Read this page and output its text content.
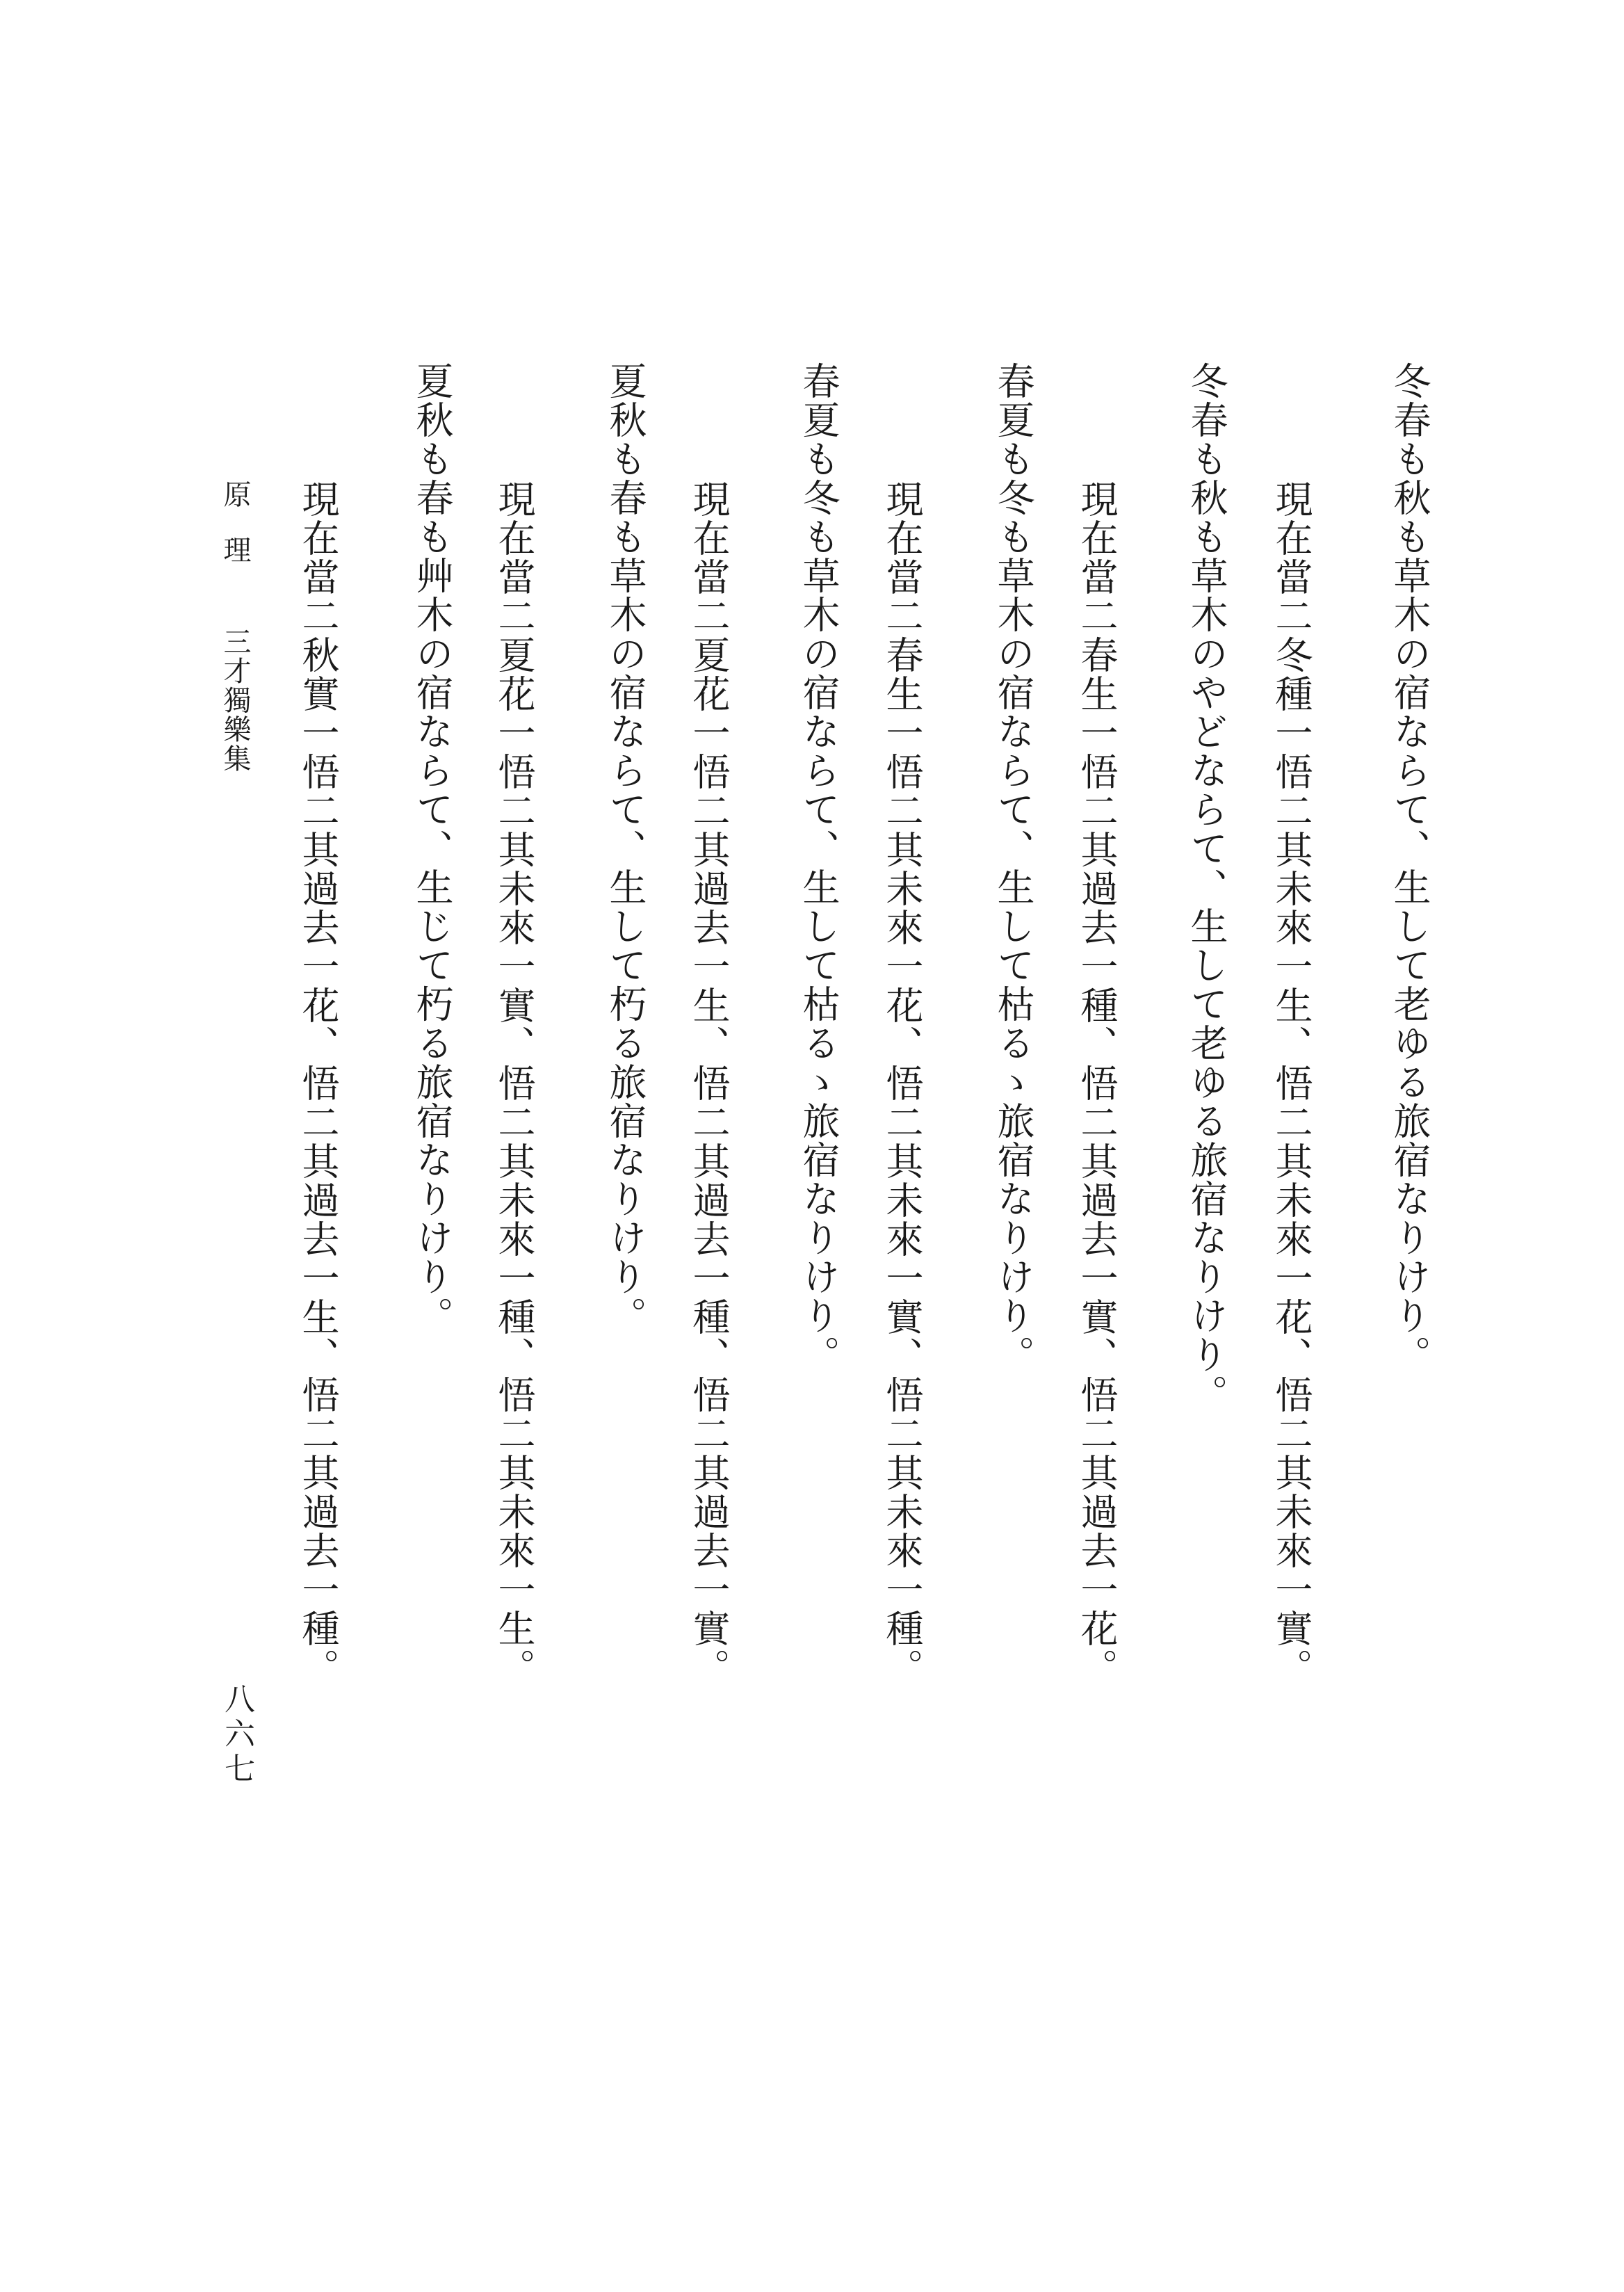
冬春も秋も草木の宿ならて、生して老ゆる旅宿なりけり。
現在當二冬種一悟二其未來一生、悟二其未來一花、悟二其未來一實。
冬春も秋も草木のやどならて、生して老ゆる旅宿なりけり。
現在當二春生一悟二其過去一種、悟二其過去一實、悟二其過去一花。
春夏も冬も草木の宿ならて、生して枯るゝ旅宿なりけり。
現在當二春生一悟二其未來一花、悟二其未來一實、悟二其未來一種。
春夏も冬も草木の宿ならて、生して枯るゝ旅宿なりけり。
現在當二夏花一悟二其過去一生、悟二其過去一種、悟二其過去一實。
夏秋も春も草木の宿ならて、生して朽る旅宿なりけり。
現在當二夏花一悟二其未來一實、悟二其未來一種、悟二其未來一生。
夏秋も春も艸木の宿ならて、生じて朽る旅宿なりけり。
現在當二秋實一悟二其過去一花、悟二其過去一生、悟二其過去一種。
原理三才獨樂集
八六七
